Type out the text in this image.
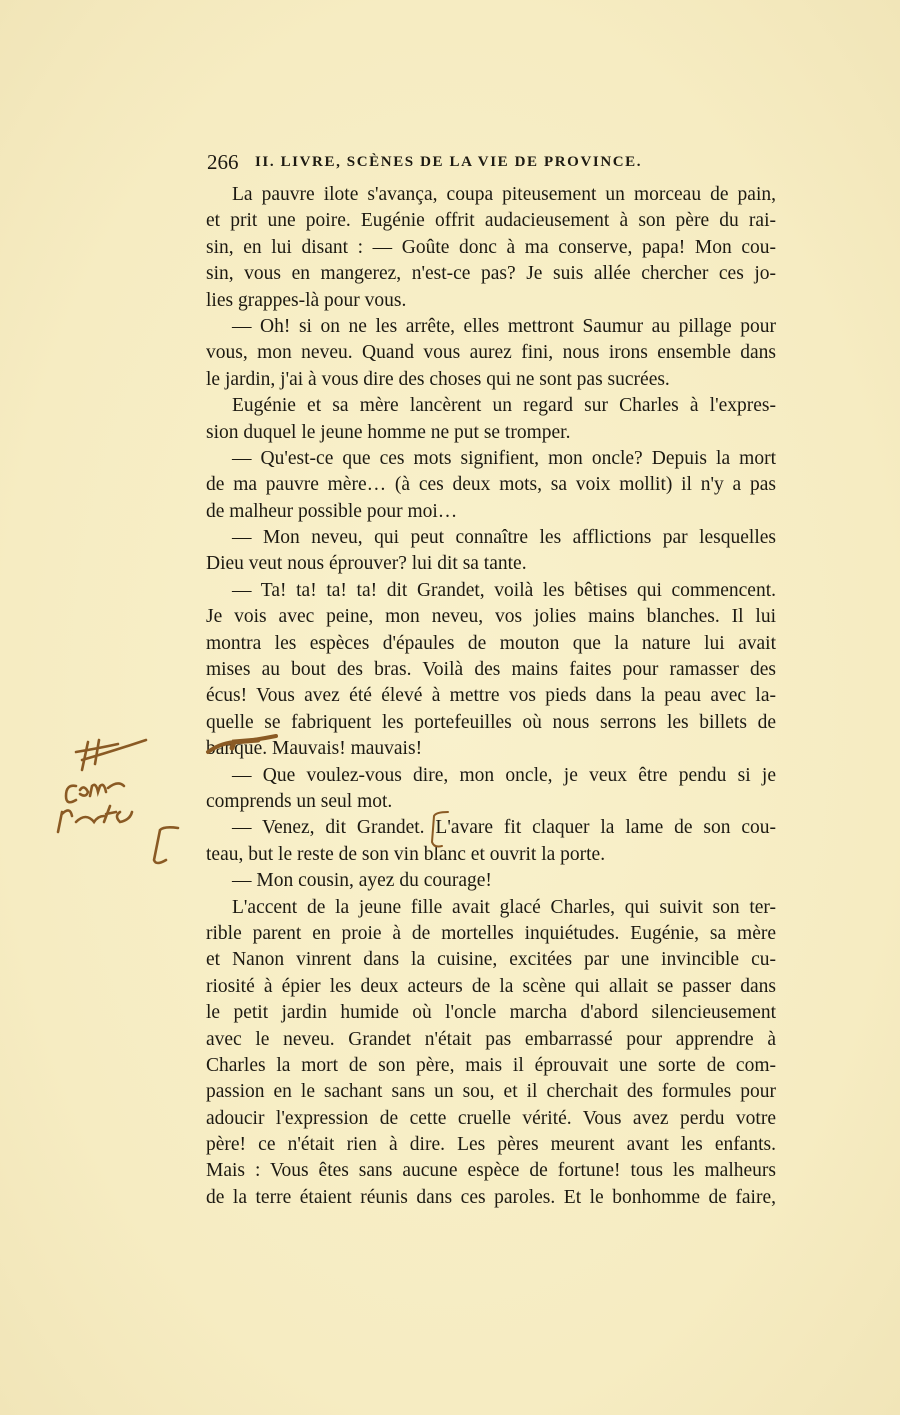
266 II. LIVRE, SCÈNES DE LA VIE DE PROVINCE.
La pauvre ilote s'avança, coupa piteusement un morceau de pain,
et prit une poire. Eugénie offrit audacieusement à son père du rai-
sin, en lui disant : — Goûte donc à ma conserve, papa! Mon cou-
sin, vous en mangerez, n'est-ce pas? Je suis allée chercher ces jo-
lies grappes-là pour vous.
— Oh! si on ne les arrête, elles mettront Saumur au pillage pour
vous, mon neveu. Quand vous aurez fini, nous irons ensemble dans
le jardin, j'ai à vous dire des choses qui ne sont pas sucrées.
Eugénie et sa mère lancèrent un regard sur Charles à l'expres-
sion duquel le jeune homme ne put se tromper.
— Qu'est-ce que ces mots signifient, mon oncle? Depuis la mort
de ma pauvre mère… (à ces deux mots, sa voix mollit) il n'y a pas
de malheur possible pour moi…
— Mon neveu, qui peut connaître les afflictions par lesquelles
Dieu veut nous éprouver? lui dit sa tante.
— Ta! ta! ta! ta! dit Grandet, voilà les bêtises qui commencent.
Je vois avec peine, mon neveu, vos jolies mains blanches. Il lui
montra les espèces d'épaules de mouton que la nature lui avait
mises au bout des bras. Voilà des mains faites pour ramasser des
écus! Vous avez été élevé à mettre vos pieds dans la peau avec la-
quelle se fabriquent les portefeuilles où nous serrons les billets de
banque. Mauvais! mauvais!
— Que voulez-vous dire, mon oncle, je veux être pendu si je
comprends un seul mot.
— Venez, dit Grandet. L'avare fit claquer la lame de son cou-
teau, but le reste de son vin blanc et ouvrit la porte.
— Mon cousin, ayez du courage!
L'accent de la jeune fille avait glacé Charles, qui suivit son ter-
rible parent en proie à de mortelles inquiétudes. Eugénie, sa mère
et Nanon vinrent dans la cuisine, excitées par une invincible cu-
riosité à épier les deux acteurs de la scène qui allait se passer dans
le petit jardin humide où l'oncle marcha d'abord silencieusement
avec le neveu. Grandet n'était pas embarrassé pour apprendre à
Charles la mort de son père, mais il éprouvait une sorte de com-
passion en le sachant sans un sou, et il cherchait des formules pour
adoucir l'expression de cette cruelle vérité. Vous avez perdu votre
père! ce n'était rien à dire. Les pères meurent avant les enfants.
Mais : Vous êtes sans aucune espèce de fortune! tous les malheurs
de la terre étaient réunis dans ces paroles. Et le bonhomme de faire,
